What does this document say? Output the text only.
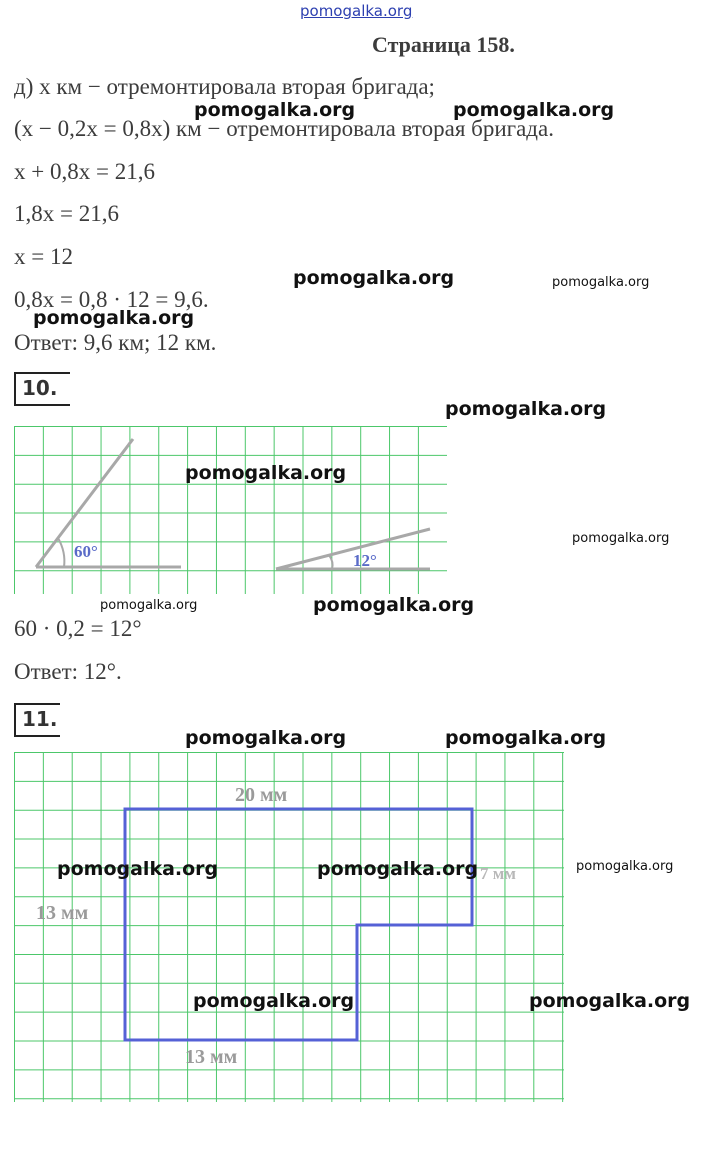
pomogalka.org
Страница 158.
д) x км − отремонтировала вторая бригада;
(x − 0,2x = 0,8x) км − отремонтировала вторая бригада.
x + 0,8x = 21,6
1,8x = 21,6
x = 12
0,8x = 0,8 · 12 = 9,6.
Ответ: 9,6 км; 12 км.
10.
60°	12°
60 · 0,2 = 12°
Ответ: 12°.
11.
20 мм
7 мм
13 мм
13 мм
pomogalka.org	pomogalka.org
pomogalka.org	pomogalka.org
pomogalka.org
pomogalka.org
pomogalka.org
pomogalka.org
pomogalka.org	pomogalka.org
pomogalka.org	pomogalka.org
pomogalka.org	pomogalka.org	pomogalka.org
pomogalka.org	pomogalka.org
